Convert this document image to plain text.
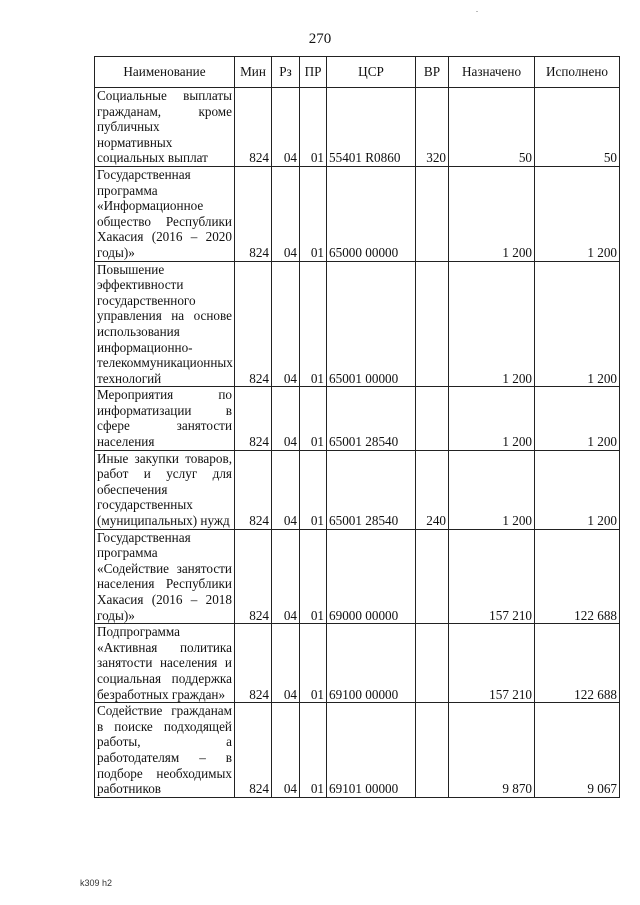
270
Наименование	Мин	Рз	ПР	ЦСР	ВР	Назначено	Исполнено
Социальные выплаты гражданам, кроме публичных нормативных социальных выплат	824	04	01	55401 R0860	320	50	50
Государственная программа «Информационное общество Республики Хакасия (2016 – 2020 годы)»	824	04	01	65000 00000		1 200	1 200
Повышение эффективности государственного управления на основе использования информационно-телекоммуникационных технологий	824	04	01	65001 00000		1 200	1 200
Мероприятия по информатизации в сфере занятости населения	824	04	01	65001 28540		1 200	1 200
Иные закупки товаров, работ и услуг для обеспечения государственных (муниципальных) нужд	824	04	01	65001 28540	240	1 200	1 200
Государственная программа «Содействие занятости населения Республики Хакасия (2016 – 2018 годы)»	824	04	01	69000 00000		157 210	122 688
Подпрограмма «Активная политика занятости населения и социальная поддержка безработных граждан»	824	04	01	69100 00000		157 210	122 688
Содействие гражданам в поиске подходящей работы, а работодателям – в подборе необходимых работников	824	04	01	69101 00000		9 870	9 067
k309 h2
